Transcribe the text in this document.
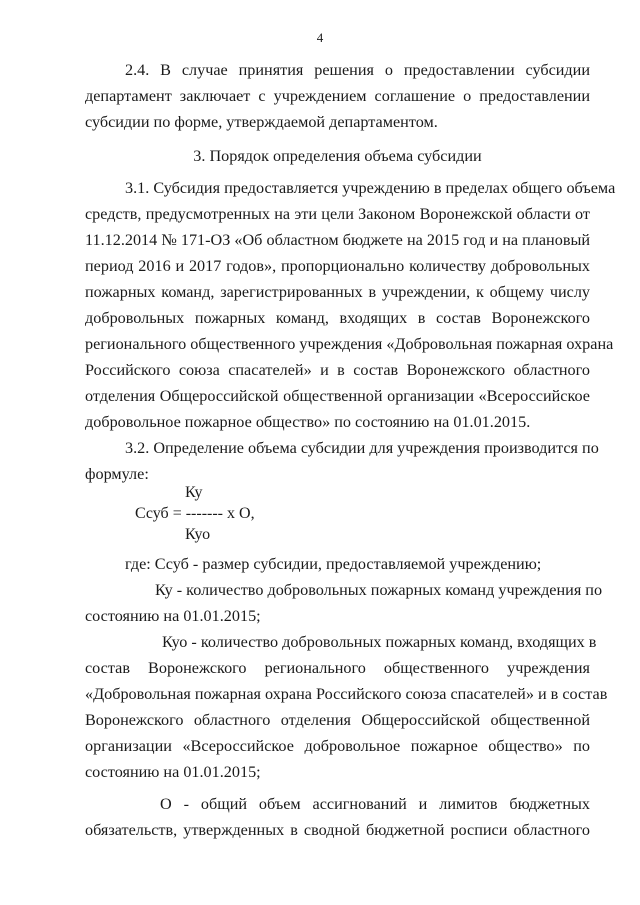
4
2.4. В случае принятия решения о предоставлении субсидии
департамент заключает с учреждением соглашение о предоставлении
субсидии по форме, утверждаемой департаментом.
3. Порядок определения объема субсидии
3.1. Субсидия предоставляется учреждению в пределах общего объема
средств, предусмотренных на эти цели Законом Воронежской области от
11.12.2014 № 171-ОЗ «Об областном бюджете на 2015 год и на плановый
период 2016 и 2017 годов», пропорционально количеству добровольных
пожарных команд, зарегистрированных в учреждении, к общему числу
добровольных пожарных команд, входящих в состав Воронежского
регионального общественного учреждения «Добровольная пожарная охрана
Российского союза спасателей» и в состав Воронежского областного
отделения Общероссийской общественной организации «Всероссийское
добровольное пожарное общество» по состоянию на 01.01.2015.
3.2. Определение объема субсидии для учреждения производится по
формуле:
Ку
Ссуб = ------- х О,
Куо
где: Ссуб - размер субсидии, предоставляемой учреждению;
Ку - количество добровольных пожарных команд учреждения по
состоянию на 01.01.2015;
Куо - количество добровольных пожарных команд, входящих в
состав Воронежского регионального общественного учреждения
«Добровольная пожарная охрана Российского союза спасателей» и в состав
Воронежского областного отделения Общероссийской общественной
организации «Всероссийское добровольное пожарное общество» по
состоянию на 01.01.2015;
О - общий объем ассигнований и лимитов бюджетных
обязательств, утвержденных в сводной бюджетной росписи областного
